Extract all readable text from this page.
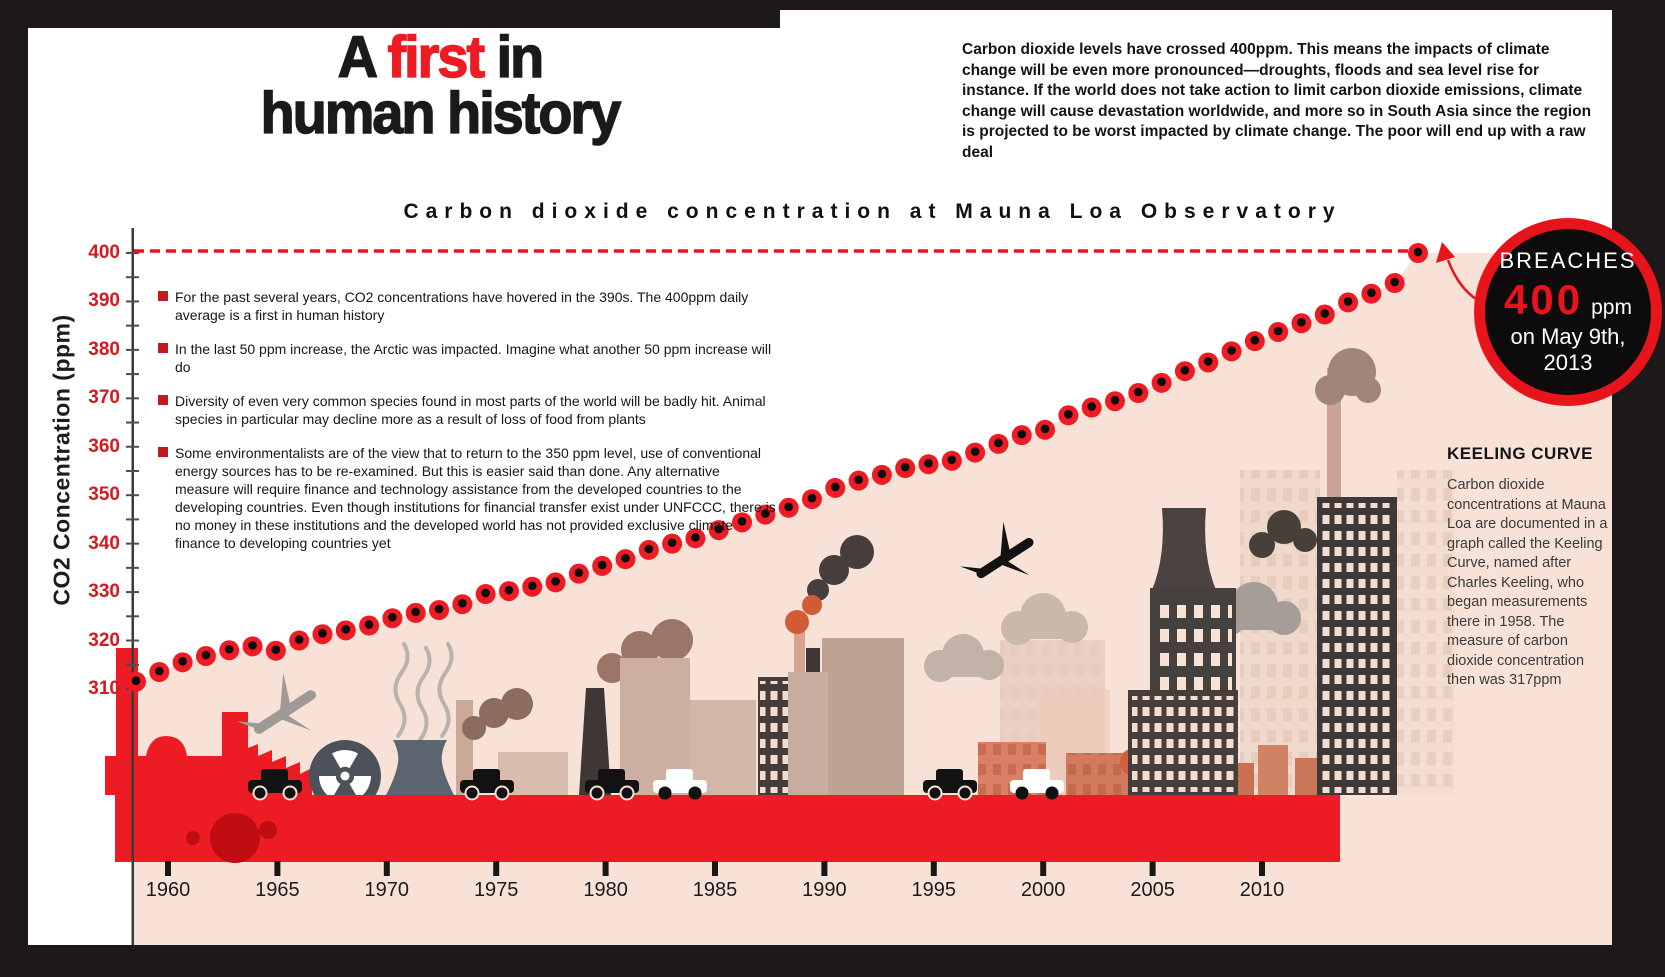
A first in
human history
Carbon dioxide levels have crossed 400ppm. This means the impacts of climate change will be even more pronounced—droughts, floods and sea level rise for instance. If the world does not take action to limit carbon dioxide emissions, climate change will cause devastation worldwide, and more so in South Asia since the region is projected to be worst impacted by climate change. The poor will end up with a raw deal
Carbon dioxide concentration at Mauna Loa Observatory
CO2 Concentration (ppm)
400
390
380
370
360
350
340
330
320
310
1960	1965	1970	1975	1980	1985	1990	1995	2000	2005	2010
For the past several years, CO2 concentrations have hovered in the 390s. The 400ppm daily average is a first in human history
In the last 50 ppm increase, the Arctic was impacted. Imagine what another 50 ppm increase will do
Diversity of even very common species found in most parts of the world will be badly hit. Animal species in particular may decline more as a result of loss of food from plants
Some environmentalists are of the view that to return to the 350 ppm level, use of conventional energy sources has to be re-examined. But this is easier said than done. Any alternative measure will require finance and technology assistance from the developed countries to the developing countries. Even though institutions for financial transfer exist under UNFCCC, there is no money in these institutions and the developed world has not provided exclusive climate finance to developing countries yet
BREACHES
400 ppm
on May 9th,
2013
KEELING CURVE
Carbon dioxide concentrations at Mauna Loa are documented in a graph called the Keeling Curve, named after Charles Keeling, who began measurements there in 1958. The measure of carbon dioxide concentration then was 317ppm
